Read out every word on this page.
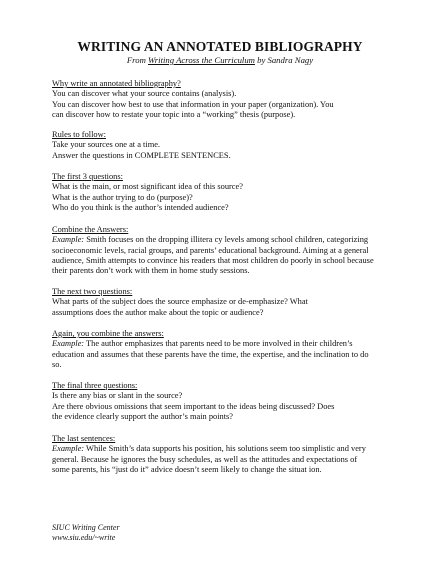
WRITING AN ANNOTATED BIBLIOGRAPHY
From Writing Across the Curriculum by Sandra Nagy
Why write an annotated bibliography?
You can discover what your source contains (analysis).
You can discover how best to use that information in your paper (organization). You
can discover how to restate your topic into a “working” thesis (purpose).
Rules to follow:
Take your sources one at a time.
Answer the questions in COMPLETE SENTENCES.
The first 3 questions:
What is the main, or most significant idea of this source?
What is the author trying to do (purpose)?
Who do you think is the author’s intended audience?
Combine the Answers:
Example: Smith focuses on the dropping illitera cy levels among school children, categorizing
socioeconomic levels, racial groups, and parents’ educational background. Aiming at a general
audience, Smith attempts to convince his readers that most children do poorly in school because
their parents don’t work with them in home study sessions.
The next two questions:
What parts of the subject does the source emphasize or de-emphasize? What
assumptions does the author make about the topic or audience?
Again, you combine the answers:
Example: The author emphasizes that parents need to be more involved in their children’s
education and assumes that these parents have the time, the expertise, and the inclination to do
so.
The final three questions:
Is there any bias or slant in the source?
Are there obvious omissions that seem important to the ideas being discussed? Does
the evidence clearly support the author’s main points?
The last sentences:
Example: While Smith’s data supports his position, his solutions seem too simplistic and very
general. Because he ignores the busy schedules, as well as the attitudes and expectations of
some parents, his “just do it” advice doesn’t seem likely to change the situat ion.
SIUC Writing Center
www.siu.edu/~write
